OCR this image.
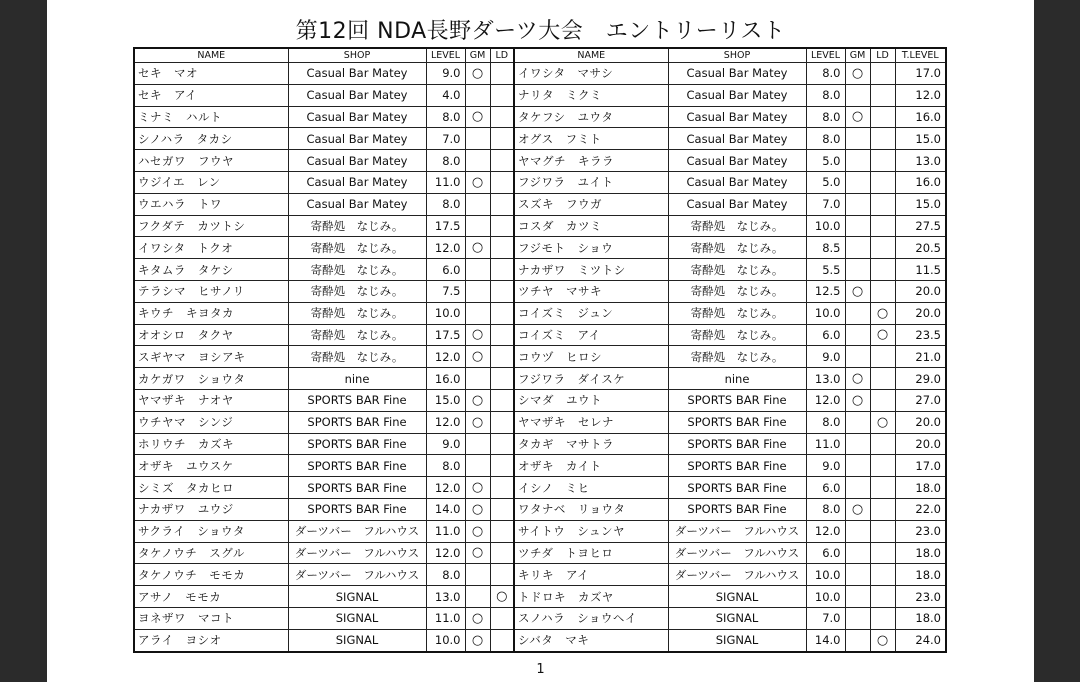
第12回 NDA長野ダーツ大会　エントリーリスト
NAME	SHOP	LEVEL	GM	LD	NAME	SHOP	LEVEL	GM	LD	T.LEVEL
セキ　マオ	Casual Bar Matey	9.0	○		イワシタ　マサシ	Casual Bar Matey	8.0	○		17.0
セキ　アイ	Casual Bar Matey	4.0			ナリタ　ミクミ	Casual Bar Matey	8.0			12.0
ミナミ　ハルト	Casual Bar Matey	8.0	○		タケフシ　ユウタ	Casual Bar Matey	8.0	○		16.0
シノハラ　タカシ	Casual Bar Matey	7.0			オグス　フミト	Casual Bar Matey	8.0			15.0
ハセガワ　フウヤ	Casual Bar Matey	8.0			ヤマグチ　キララ	Casual Bar Matey	5.0			13.0
ウジイエ　レン	Casual Bar Matey	11.0	○		フジワラ　ユイト	Casual Bar Matey	5.0			16.0
ウエハラ　トワ	Casual Bar Matey	8.0			スズキ　フウガ	Casual Bar Matey	7.0			15.0
フクダテ　カツトシ	寄酔処　なじみ。	17.5			コスダ　カツミ	寄酔処　なじみ。	10.0			27.5
イワシタ　トクオ	寄酔処　なじみ。	12.0	○		フジモト　ショウ	寄酔処　なじみ。	8.5			20.5
キタムラ　タケシ	寄酔処　なじみ。	6.0			ナカザワ　ミツトシ	寄酔処　なじみ。	5.5			11.5
テラシマ　ヒサノリ	寄酔処　なじみ。	7.5			ツチヤ　マサキ	寄酔処　なじみ。	12.5	○		20.0
キウチ　キヨタカ	寄酔処　なじみ。	10.0			コイズミ　ジュン	寄酔処　なじみ。	10.0		○	20.0
オオシロ　タクヤ	寄酔処　なじみ。	17.5	○		コイズミ　アイ	寄酔処　なじみ。	6.0		○	23.5
スギヤマ　ヨシアキ	寄酔処　なじみ。	12.0	○		コウヅ　ヒロシ	寄酔処　なじみ。	9.0			21.0
カケガワ　ショウタ	nine	16.0			フジワラ　ダイスケ	nine	13.0	○		29.0
ヤマザキ　ナオヤ	SPORTS BAR Fine	15.0	○		シマダ　ユウト	SPORTS BAR Fine	12.0	○		27.0
ウチヤマ　シンジ	SPORTS BAR Fine	12.0	○		ヤマザキ　セレナ	SPORTS BAR Fine	8.0		○	20.0
ホリウチ　カズキ	SPORTS BAR Fine	9.0			タカギ　マサトラ	SPORTS BAR Fine	11.0			20.0
オザキ　ユウスケ	SPORTS BAR Fine	8.0			オザキ　カイト	SPORTS BAR Fine	9.0			17.0
シミズ　タカヒロ	SPORTS BAR Fine	12.0	○		イシノ　ミヒ	SPORTS BAR Fine	6.0			18.0
ナカザワ　ユウジ	SPORTS BAR Fine	14.0	○		ワタナベ　リョウタ	SPORTS BAR Fine	8.0	○		22.0
サクライ　ショウタ	ダーツバー　フルハウス	11.0	○		サイトウ　シュンヤ	ダーツバー　フルハウス	12.0			23.0
タケノウチ　スグル	ダーツバー　フルハウス	12.0	○		ツチダ　トヨヒロ	ダーツバー　フルハウス	6.0			18.0
タケノウチ　モモカ	ダーツバー　フルハウス	8.0			キリキ　アイ	ダーツバー　フルハウス	10.0			18.0
アサノ　モモカ	SIGNAL	13.0		○	トドロキ　カズヤ	SIGNAL	10.0			23.0
ヨネザワ　マコト	SIGNAL	11.0	○		スノハラ　ショウヘイ	SIGNAL	7.0			18.0
アライ　ヨシオ	SIGNAL	10.0	○		シバタ　マキ	SIGNAL	14.0		○	24.0
1
